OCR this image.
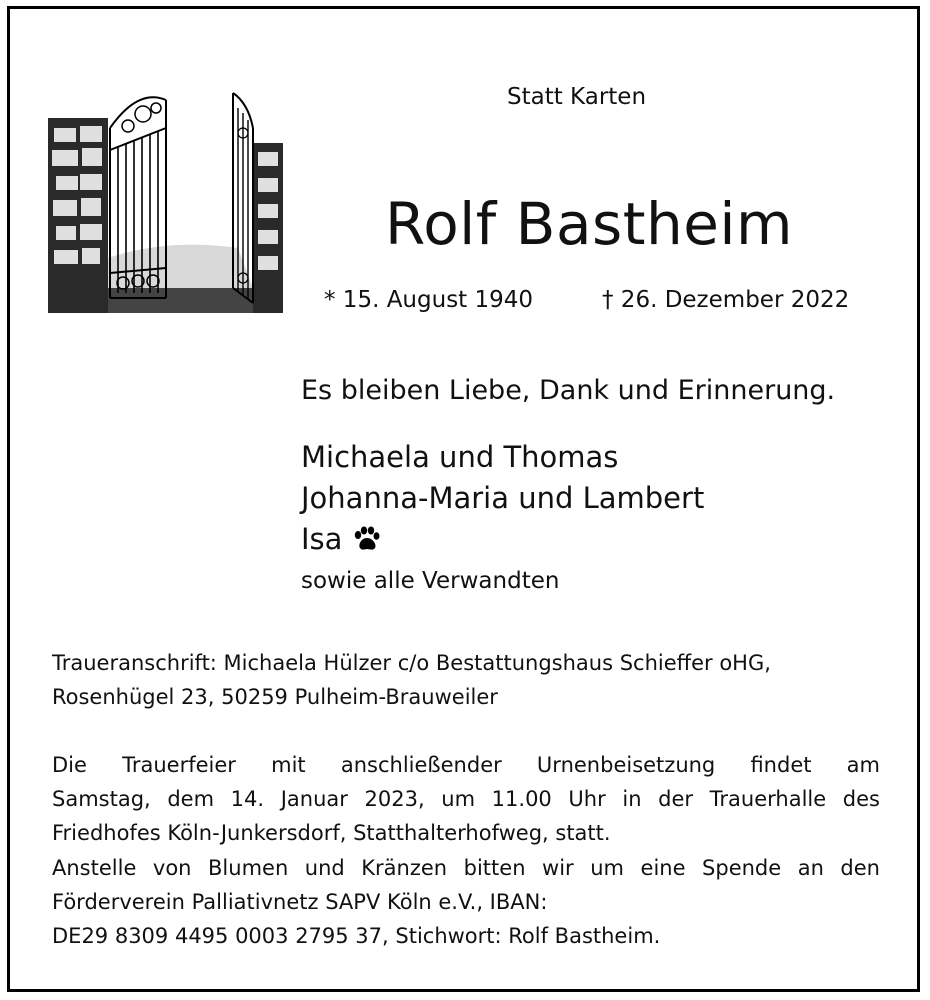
Statt Karten
Rolf Bastheim
* 15. August 1940	† 26. Dezember 2022
Es bleiben Liebe, Dank und Erinnerung.
Michaela und Thomas
Johanna-Maria und Lambert
Isa
sowie alle Verwandten
Traueranschrift: Michaela Hülzer c/o Bestattungshaus Schieffer oHG,
Rosenhügel 23, 50259 Pulheim-Brauweiler
Die Trauerfeier mit anschließender Urnenbeisetzung findet am
Samstag, dem 14. Januar 2023, um 11.00 Uhr in der Trauerhalle des
Friedhofes Köln-Junkersdorf, Statthalterhofweg, statt.
Anstelle von Blumen und Kränzen bitten wir um eine Spende an den
Förderverein Palliativnetz SAPV Köln e.V., IBAN:
DE29 8309 4495 0003 2795 37, Stichwort: Rolf Bastheim.
